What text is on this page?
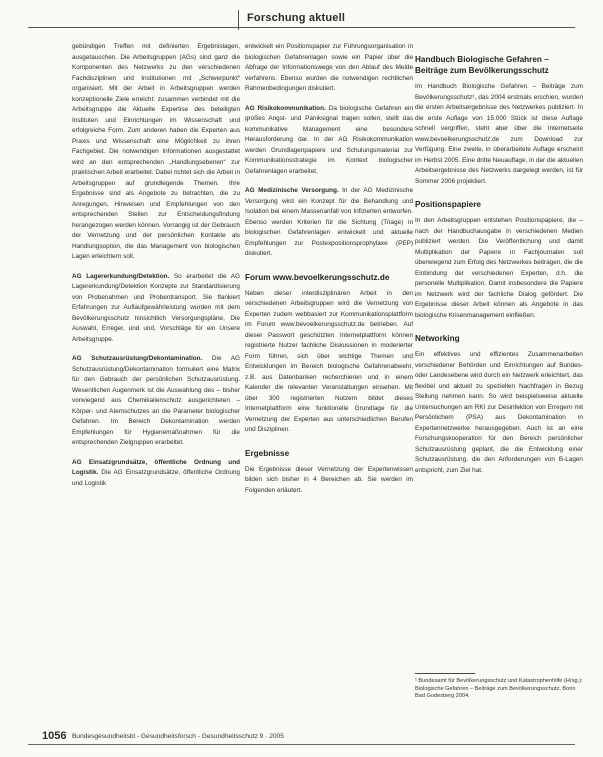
Forschung aktuell

gebündigen Treffen mit definierten Ergebnislagen, ausgetauschen. Die Arbeitsgruppen (AGs) sind ganz die Komponenten des Netzwerks zu den verschiedenen Fachdisziplinen und Institutionen mit „Schwerpunkt“ organisiert. Mit der Arbeit in Arbeitsgruppen werden konzeptionelle Ziele erreicht: zusammen verbindet mit die Arbeitsgruppe die Aktuelle Expertise des beteiligten Instituten und Einrichtungen im Wissenschaft und erfolgreiche Form. Zum anderen haben die Experten aus Praxis und Wissenschaft eine Möglichkeit zu ihren Fachgebiet. Die notwendigen Informationen ausgestattet wird an den entsprechenden „Handlungsebenen“ zur praktischen Arbeit erarbeitet. Dabei richtet sich die Arbeit in Arbeitsgruppen auf grundlegende Themen. Ihre Ergebnisse sind als Angebote zu betrachten, die zu Anregungen, Hinweisen und Empfehlungen von den entsprechenden Stellen zur Entscheidungsfindung herangezogen werden können. Vorrangig ist der Gebrauch der Vernetzung und der persönlichen Kontakte als Handlungsoption, die das Management von biologischen Lagen erleichtern soll.

AG Lagererkundung/Detektion. So erarbeitet die AG Lagererkundung/Detektion Konzepte zur Standardisierung von Probenahmen und Probentransport. Sie flankiert Erfahrungen zur Auflaufgewährleistung wurden mit dem Bevölkerungsschutz hinsichtlich Versorgungspläne, Die Auswahl, Erreger, und und, Vorschläge für ein Unsere Arbeitsgruppe.

AG Schutzausrüstung/Dekontamination. Die AG Schutzausrüstung/Dekontamination formuliert eine Matrix für den Gebrauch der persönlichen Schutzausrüstung. Wesentlichen Augenmerk ist die Auswahlung des – bisher vorwiegend aus Chemikalienschutz ausgerichteten – Körper- und Atemschutzes an die Parameter biologischer Gefahren. Im Bereich Dekontamination werden Empfehlungen für Hygienemaßnahmen für die entsprechenden Zielgruppen erarbeitet.

AG Einsatzgrundsätze, öffentliche Ordnung und Logistik. Die AG Einsatzgrundsätze, öffentliche Ordnung und Logistik

entwickelt ein Positionspapier zur Führungsorganisation in biologischen Gefahrenlagen sowie ein Papier über die Abfrage der Informationswege von den Ablauf des Melde verfahrens. Ebenso wurden die notwendigen rechtlichen Rahmenbedingungen diskutiert.

AG Risikokommunikation. Da biologische Gefahren ein großes Angst- und Paniksignal tragen sollen, stellt das kommunikative Management eine besondere Herausforderung dar. In der AG Risikokommunikation werden Grundlagenpapiere und Schulungsmaterial zur Kommunikationsstrategie im Kontext biologischer Gefahrenlagen erarbeitet.

AG Medizinische Versorgung. In der AG Medizinische Versorgung wird ein Konzept für die Behandlung und Isolation bei einem Massenanfall von Infizierten entworfen. Ebenso werden Kriterien für die Sichtung (Triage) in biologischen Gefahrenlagen entwickelt und aktuelle Empfehlungen zur Postexpositionsprophylaxe (PEP) diskutiert.

Forum www.bevoelkerungsschutz.de

Neben dieser interdisziplinären Arbeit in den verschiedenen Arbeitsgruppen wird die Vernetzung von Experten zudem webbasiert zur Kommunikationsplattform im Forum www.bevoelkerungsschutz.de betrieben. Auf dieser Passwort geschützten Internetplattform können registrierte Nutzer fachliche Diskussionen in moderierter Form führen, sich über wichtige Themen und Entwicklungen im Bereich biologische Gefahrenabwehr, z.B. aus Datenbanken recherchieren und in einem Kalender die relevanten Veranstaltungen einsehen. Mit über 300 registrierten Nutzern bildet dieses Internetplattform eine funktionelle Grundlage für die Vernetzung der Experten aus unterschiedlichen Berufen und Disziplinen.

Ergebnisse

Die Ergebnisse dieser Vernetzung der Expertenwissen bilden sich bisher in 4 Bereichen ab. Sie werden im Folgenden erläutert.

Handbuch Biologische Gefahren – Beiträge zum Bevölkerungsschutz

Im Handbuch Biologische Gefahren – Beiträge zum Bevölkerungsschutz¹, das 2004 erstmals erschien, wurden die ersten Arbeitsergebnisse des Netzwerkes publiziert. In die erste Auflage von 15.000 Stück ist diese Auflage schnell vergriffen, steht aber über die Internetseite www.bevoelkerungsschutz.de zum Download zur Verfügung. Eine zweite, in überarbeitete Auflage erscheint im Herbst 2005. Eine dritte Neuauflage, in der die aktuellen Arbeitsergebnisse des Netzwerks dargelegt werden, ist für Sommer 2006 projektiert.

Positionspapiere

In den Arbeitsgruppen entstehen Positionspapiere, die – nach der Handbuchausgabe in verschiedenen Medien publiziert werden. Die Veröffentlichung und damit Multiplikation der Papiere in Fachjournalen soll überwiegend zum Erfolg des Netzwerkes beitragen, die die Einbindung der verschiedenen Experten, d.h. die personelle Multiplikation. Damit insbesondere die Papiere im Netzwerk wird der fachliche Dialog gefördert. Die Ergebnisse dieser Arbeit können als Angebote in das biologische Krisenmanagement einfließen.

Networking

Ein effektives und effizientes Zusammenarbeiten verschiedener Behörden und Einrichtungen auf Bundes- oder Landesebene wird durch ein Netzwerk erleichtert, das flexibel und aktuell zu speziellen Nachfragen in Bezug Stellung nehmen kann. So wird beispielsweise aktuelle Untersuchungen am RKI zur Desinfektion von Erregern mit Persönlichem (PSA) aus Dekontamination in Expertennetzwerke herausgegeben. Auch ist an eine Forschungskooperation für den Bereich persönlicher Schutzausrüstung geplant, die die Entwicklung einer Schutzausrüstung, die den Anforderungen von B-Lagen entspricht, zum Ziel hat.

¹ Bundesamt für Bevölkerungsschutz und Katastrophenhilfe (Hrsg.): Biologische Gefahren – Beiträge zum Bevölkerungsschutz, Bonn Bad Godesberg 2004.
1056 Bundesgesundheitsbl - Gesundheitsforsch - Gesundheitsschutz 9 · 2005
